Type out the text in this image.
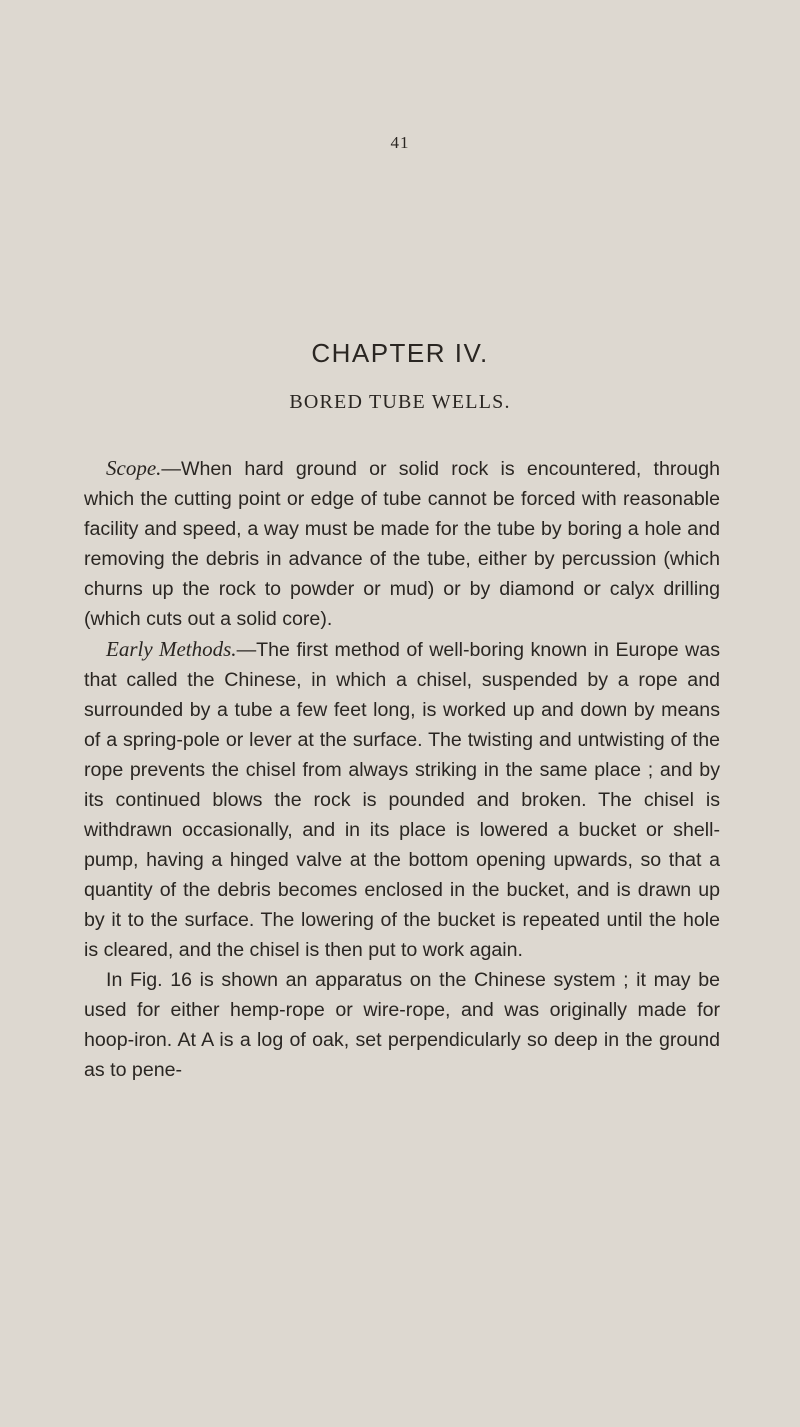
41
CHAPTER IV.
BORED TUBE WELLS.

Scope.—When hard ground or solid rock is encountered, through which the cutting point or edge of tube cannot be forced with reasonable facility and speed, a way must be made for the tube by boring a hole and removing the debris in advance of the tube, either by percussion (which churns up the rock to powder or mud) or by diamond or calyx drilling (which cuts out a solid core).

Early Methods.—The first method of well-boring known in Europe was that called the Chinese, in which a chisel, suspended by a rope and surrounded by a tube a few feet long, is worked up and down by means of a spring-pole or lever at the surface. The twisting and untwisting of the rope prevents the chisel from always striking in the same place ; and by its continued blows the rock is pounded and broken. The chisel is withdrawn occasionally, and in its place is lowered a bucket or shell-pump, having a hinged valve at the bottom opening upwards, so that a quantity of the debris becomes enclosed in the bucket, and is drawn up by it to the surface. The lowering of the bucket is repeated until the hole is cleared, and the chisel is then put to work again.

In Fig. 16 is shown an apparatus on the Chinese system ; it may be used for either hemp-rope or wire-rope, and was originally made for hoop-iron. At A is a log of oak, set perpendicularly so deep in the ground as to pene-
